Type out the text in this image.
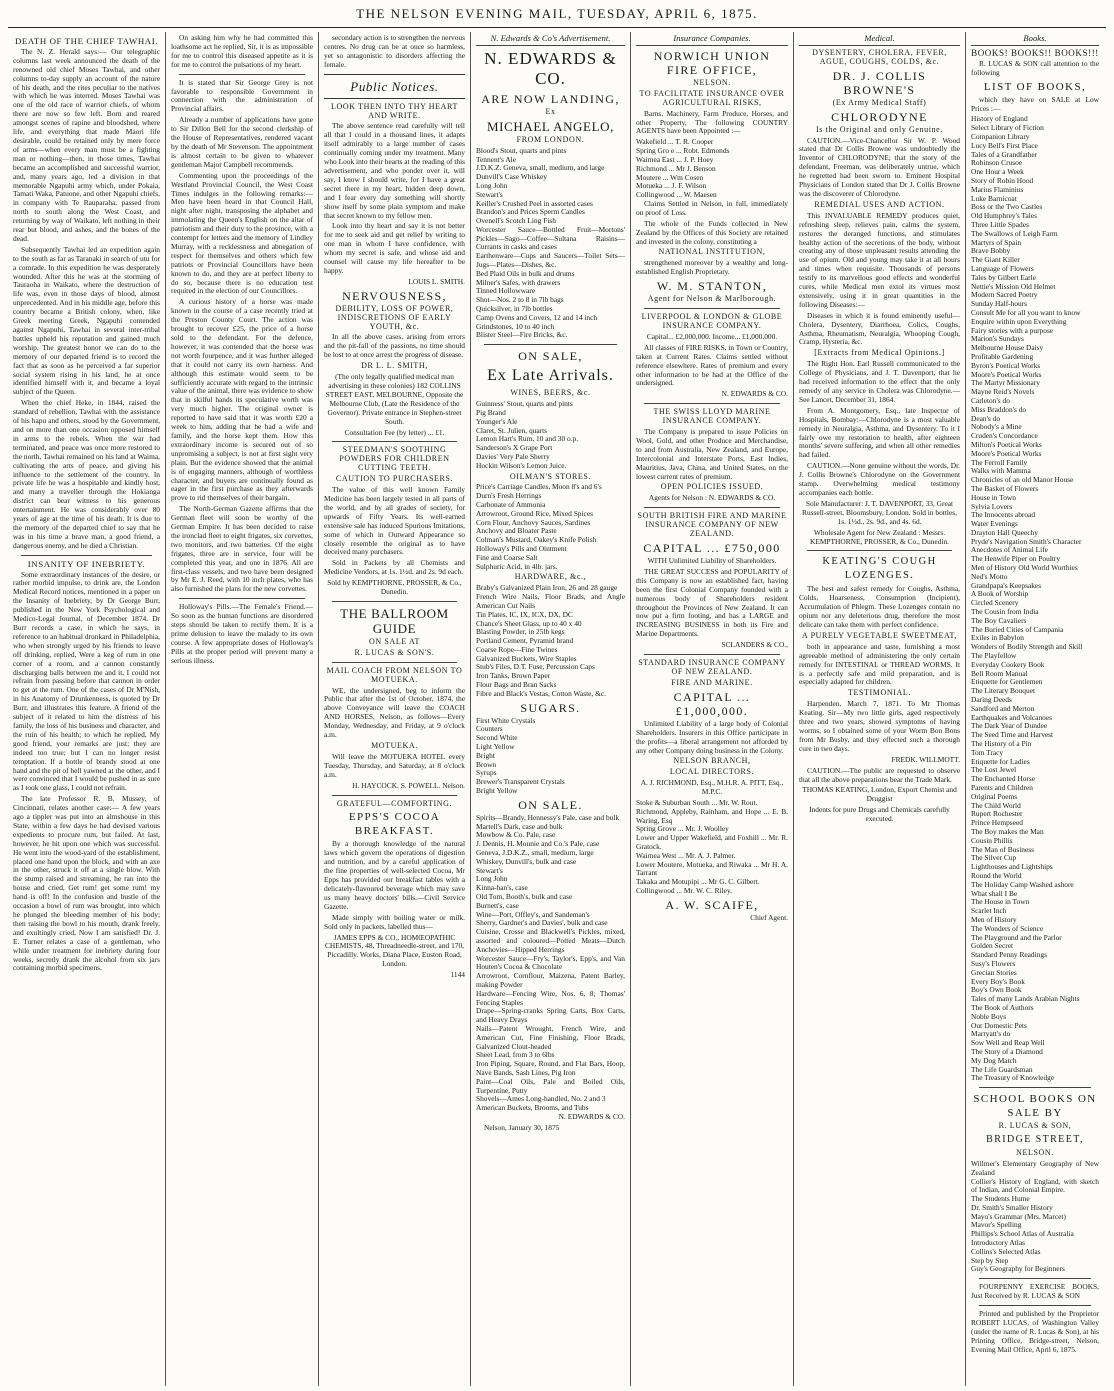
THE NELSON EVENING MAIL, TUESDAY, APRIL 6, 1875.
DEATH OF THE CHIEF TAWHAI.

The N. Z. Herald says:— Our telegraphic columns last week announced the death of the renowned old chief Moses Tawhai, and other columns to-day supply an account of the nature of his death, and the rites peculiar to the natives with which he was interred. Moses Tawhai was one of the old race of warrior chiefs, of whom there are now so few left. Born and reared amongst scenes of rapine and bloodshed, where life, and everything that made Maori life desirable, could be retained only by mere force of arms—when every man must be a fighting man or nothing—then, in those times, Tawhai became an accomplished and successful warrior, and, many years ago, led a division in that memorable Ngapuhi army which, under Pokaia, Tamati Waka, Patuone, and other Ngapuhi chiefs, in company with Te Rauparaha, passed from north to south along the West Coast, and returning by way of Waikato, left nothing in their rear but blood, and ashes, and the bones of the dead.

Subsequently Tawhai led an expedition again to the south as far as Taranaki in search of utu for a comrade. In this expedition he was desperately wounded. After this he was at the storming of Tauraoha in Waikato, where the destruction of life was, even in those days of blood, almost unprecedented. And in his middle age, before this country became a British colony, when, like Greek meeting Greek, Ngapuhi contended against Ngapuhi, Tawhai in several inter-tribal battles upheld his reputation and gained much worship. The greatest honor we can do to the memory of our departed friend is to record the fact that as soon as he perceived a far superior social system rising in his land, he at once identified himself with it, and became a loyal subject of the Queen.

When the chief Heke, in 1844, raised the standard of rebellion, Tawhai with the assistance of his hapu and others, stood by the Government, and on more than one occasion opposed himself in arms to the rebels. When the war had terminated, and peace was once more restored to the north, Tawhai remained on his land at Waima, cultivating the arts of peace, and giving his influence to the settlement of the country. In private life he was a hospitable and kindly host, and many a traveller through the Hokianga district can bear witness to his generous entertainment. He was considerably over 80 years of age at the time of his death. It is due to the memory of the departed chief to say that he was in his time a brave man, a good friend, a dangerous enemy, and he died a Christian.

INSANITY OF INEBRIETY.

Some extraordinary instances of the desire, or rather morbid impulse, to drink are, the London Medical Record notices, mentioned in a paper on the Insanity of Inebriety, by Dr George Burr, published in the New York Psychological and Medico-Legal Journal, of December 1874. Dr Burr records a case, in which he says, in reference to an habitual drunkard in Philadelphia, who when strongly urged by his friends to leave off drinking, replied, Were a keg of rum in one corner of a room, and a cannon constantly discharging balls between me and it, I could not refrain from passing before that cannon in order to get at the rum. One of the cases of Dr M'Nish, in his Anatomy of Drunkenness, is quoted by Dr Burr, and illustrates this feature. A friend of the subject of it related to him the distress of his family, the loss of his business and character, and the ruin of his health; to which he replied, My good friend, your remarks are just; they are indeed too true; but I can no longer resist temptation. If a bottle of brandy stood at one hand and the pit of hell yawned at the other, and I were convinced that I would be pushed in as sure as I took one glass, I could not refrain.

The late Professor R. B. Mussey, of Cincinnati, relates another case:— A few years ago a tippler was put into an almshouse in this State, within a few days he had devised various expedients to procure rum, but failed. At last, however, he hit upon one which was successful. He went into the wood-yard of the establishment, placed one hand upon the block, and with an axe in the other, struck it off at a single blow. With the stump raised and streaming, he ran into the house and cried, Get rum! get some rum! my hand is off! In the confusion and bustle of the occasion a bowl of rum was brought, into which he plunged the bleeding member of his body; then raising the bowl to his mouth, drank freely, and exultingly cried, Now I am satisfied! Dr. J. E. Turner relates a case of a gentleman, who while under treatment for inebriety during four weeks, secretly drank the alcohol from six jars containing morbid specimens.

On asking him why he had committed this loathsome act he replied, Sir, it is as impossible for me to control this diseased appetite as it is for me to control the pulsations of my heart.

It is stated that Sir George Grey is not favorable to responsible Government in connection with the administration of Provincial affairs.

Already a number of applications have gone to Sir Dillon Bell for the second clerkship of the House of Representatives, rendered vacant by the death of Mr Stevenson. The appointment is almost certain to be given to whatever gentleman Major Campbell recommends.

Commenting upon the proceedings of the Westland Provincial Council, the West Coast Times indulges in the following remarks:—Men have been heard in that Council Hall, night after night, transposing the alphabet and immolating the Queen's English on the altar of patriotism and their duty to the province, with a contempt for letters and the memory of Lindley Murray, with a recklessness and abnegation of respect for themselves and others which few patriots or Provincial Councillors have been known to do, and they are at perfect liberty to do so, because there is no education test required in the election of our Councillors.

A curious history of a horse was made known in the course of a case recently tried at the Preston County Court. The action was brought to recover £25, the price of a horse sold to the defendant. For the defence, however, it was contended that the horse was not worth fourpence, and it was further alleged that it could not carry its own harness. And although this estimate would seem to be sufficiently accurate with regard to the intrinsic value of the animal, there was evidence to show that in skilful hands its speculative worth was very much higher. The original owner is reported to have said that it was worth £20 a week to him, adding that he had a wife and family, and the horse kept them. How this extraordinary income is secured out of so unpromising a subject, is not at first sight very plain. But the evidence showed that the animal is of engaging manners, although of worthless character, and buyers are continually found as eager in the first purchase as they afterwards prove to rid themselves of their bargain.

The North-German Gazette affirms that the German fleet will soon be worthy of the German Empire. It has been decided to raise the ironclad fleet to eight frigates, six corvettes, two monitors, and two batteries. Of the eight frigates, three are in service, four will be completed this year, and one in 1876. All are first-class vessels, and two have been designed by Mr E. J. Reed, with 10 inch plates, who has also furnished the plans for the new corvettes.

Holloway's Pills.—The Female's Friend.—So soon as the human functions are disordered steps should be taken to rectify them. It is a prime delusion to leave the malady to its own course. A few appropriate doses of Holloway's Pills at the proper period will prevent many a serious illness.

secondary action is to strengthen the nervous centres. No drug can be at once so harmless, yet so antagonistic to disorders affecting the female.

Public Notices.
LOOK THEN INTO THY HEART AND WRITE.

The above sentence read carefully will tell all that I could in a thousand lines, it adapts itself admirably to a large number of cases continually coming under my treatment. Many who Look into their hearts at the reading of this advertisement, and who ponder over it, will say, I know I should write, for I have a great secret there in my heart, hidden deep down, and I fear every day something will shortly show itself by some plain symptom and make that secret known to my fellow men.

Look into thy heart and say it is not better for me to seek aid and get relief by writing to one man in whom I have confidence, with whom my secret is safe, and whose aid and counsel will cause my life hereafter to be happy.

LOUIS L. SMITH.

NERVOUSNESS,
DEBILITY, LOSS OF POWER, INDISCRETIONS OF EARLY YOUTH, &c.

In all the above cases, arising from errors and the pit-fall of the passions, no time should be lost to at once arrest the progress of disease.

DR L. L. SMITH,

(The only legally qualified medical man advertising in these colonies) 182 COLLINS STREET EAST, MELBOURNE, Opposite the Melbourne Club, (Late the Residence of the Governor). Private entrance in Stephen-street South.

Consultation Fee (by letter) ... £1.

STEEDMAN'S SOOTHING POWDERS FOR CHILDREN CUTTING TEETH.
CAUTION TO PURCHASERS.

The value of this well known Family Medicine has been largely tested in all parts of the world, and by all grades of society, for upwards of Fifty Years. Its well-earned extensive sale has induced Spurious Imitations, some of which in Outward Appearance so closely resemble the original as to have deceived many purchasers.

Sold in Packets by all Chemists and Medicine Vendors, at 1s. 1½d. and 2s. 9d each.

Sold by KEMPTHORNE, PROSSER, & Co., Dunedin.

THE BALLROOM GUIDE
ON SALE AT
R. LUCAS & SON'S.
MAIL COACH FROM NELSON TO MOTUEKA.

WE, the undersigned, beg to inform the Public that after the 1st of October, 1874, the above Conveyance will leave the COACH AND HORSES, Nelson, as follows—Every Monday, Wednesday, and Friday, at 9 o'clock a.m.

MOTUEKA.

Will leave the MOTUEKA HOTEL every Tuesday, Thursday, and Saturday, at 8 o'clock a.m.

H. HAYCOCK. S. POWELL. Nelson.

GRATEFUL—COMFORTING.
EPPS'S COCOA BREAKFAST.

By a thorough knowledge of the natural laws which govern the operations of digestion and nutrition, and by a careful application of the fine properties of well-selected Cocoa, Mr Epps has provided our breakfast tables with a delicately-flavoured beverage which may save us many heavy doctors' bills.—Civil Service Gazette.

Made simply with boiling water or milk. Sold only in packets, labelled thus—

JAMES EPPS & CO., HOMŒOPATHIC CHEMISTS, 48, Threadneedle-street, and 170, Piccadilly. Works, Diana Place, Euston Road, London.

1144

N. Edwards & Co's Advertisement.
N. EDWARDS & CO.
ARE NOW LANDING,
Ex
MICHAEL ANGELO,
FROM LONDON.
Blood's Stout, quarts and pints
Tennent's Ale
J.D.K.Z. Geneva, small, medium, and large
Dunvill's Case Whiskey
Long John
Stewart's
Keiller's Crushed Peel in assorted cases
Brandon's and Prices Sperm Candles
Ovenell's Scotch Ling Fish
Worcester Sauce—Bottled Fruit—Mortons' Pickles—Sago—Coffee—Sultana Raisins—Currants in casks and cases
Earthenware—Cups and Saucers—Toilet Sets—Jugs—Plates—Dishes, &c.
Bed Plaid Oils in bulk and drums
Milner's Safes, with drawers
Tinned Hollowware
Shot—Nos. 2 to 8 in 7lb bags
Quicksilver, in 7lb bottles
Camp Ovens and Covers, 12 and 14 inch
Grindstones, 10 to 40 inch
Blister Steel—Fire Bricks, &c.
ON SALE,
Ex Late Arrivals.
WINES, BEERS, &c.
Guinness' Stout, quarts and pints
Pig Brand
Younger's Ale
Claret, St. Julien, quarts
Lemon Hart's Rum, 10 and 30 o.p.
Sanderson's X Grape Port
Davies' Very Pale Sherry
Hockin Wilson's Lemon Juice.
OILMAN'S STORES.
Price's Carriage Candles, Moon 8's and 6's
Durn's Fresh Herrings
Carbonate of Ammonia
Arrowroot, Ground Rice, Mixed Spices
Corn Flour, Anchovy Sauces, Sardines
Anchovy and Bloater Paste
Colman's Mustard, Oakey's Knife Polish
Holloway's Pills and Ointment
Fine and Coarse Salt
Sulphuric Acid, in 4lb. jars.
HARDWARE, &c.,
Braby's Galvanized Plain Iron, 26 and 28 gauge
French Wire Nails, Floor Brads, and Angle American Cut Nails
Tin Plates, IC, IX, ICX, DX, DC
Chance's Sheet Glass, up to 40 x 40
Blasting Powder, in 25lb kegs
Portland Cement, Pyramid brand
Coarse Rope—Fine Twines
Galvanized Buckets, Wire Staples
Stub's Files, D.T. Fuse, Percussion Caps
Iron Tanks, Brown Paper
Flour Bags and Bran Sacks
Fibre and Black's Vestas, Cotton Waste, &c.
SUGARS.
First White Crystals
Counters
Second White
Light Yellow
Bright
Brown
Syrups
Brewer's Transparent Crystals
Bright Yellow
ON SALE.
Spirits—Brandy, Hennessy's Pale, case and bulk
Martell's Dark, case and bulk
Mowbow & Co. Pale, case
J. Dennis, H. Mounie and Co.'s Pale, case
Geneva, J.D.K.Z., small, medium, large
Whiskey, Dunvill's, bulk and case
Stewart's
Long John
Kinna-han's, case
Old Tom, Booth's, bulk and case
Burnett's, case
Wine—Port, Offley's, and Sandeman's
Sherry, Gardner's and Davies', bulk and case
Cuisine, Crosse and Blackwell's Pickles, mixed, assorted and coloured—Potted Meats—Dutch Anchovies—Hipped Herrings
Worcester Sauce—Fry's, Taylor's, Epp's, and Van Houten's Cocoa & Chocolate
Arrowroot, Cornflour, Maizena, Patent Barley, making Powder
Hardware—Fencing Wire, Nos. 6, 8; Thomas' Fencing Staples
Drape—Spring-cranks Spring Carts, Box Carts, and Heavy Drays
Nails—Patent Wrought, French Wire, and American Cut, Fine Finishing, Floor Brads, Galvanized Clout-headed
Sheet Lead, from 3 to 6lbs
Iron Piping, Square, Round, and Flat Bars, Hoop, Nave Bands, Sash Lines, Pig Iron
Paint—Coal Oils, Pale and Boiled Oils, Turpentine, Putty
Shovels—Ames Long-handled, No. 2 and 3
American Buckets, Brooms, and Tubs

N. EDWARDS & CO.

Nelson, January 30, 1875

Insurance Companies.
NORWICH UNION FIRE OFFICE,
NELSON.
TO FACILITATE INSURANCE OVER AGRICULTURAL RISKS,

Barns, Machinery, Farm Produce, Horses, and other Property, The following COUNTRY AGENTS have been Appointed :—

Wakefield ... T. R. Cooper
Spring Gro e ... Robt. Edmonds
Waimea East ... J. P. Hoey
Richmond ... Mr J. Benson
Moutere ... Wm Cosen
Motueka ... J. F. Wilson
Collingwood ... W. Maesen

Claims Settled in Nelson, in full, immediately on proof of Loss.

The whole of the Funds collected in New Zealand by the Offices of this Society are retained and invested in the colony, constituting a

NATIONAL INSTITUTION,

strengthened moreover by a wealthy and long-established English Proprietary.

W. M. STANTON,
Agent for Nelson & Marlborough.
LIVERPOOL & LONDON & GLOBE INSURANCE COMPANY.

Capital... £2,000,000. Income... £1,000,000.

All classes of FIRE RISKS, in Town or Country, taken at Current Rates. Claims settled without reference elsewhere. Rates of premium and every other information to be had at the Office of the undersigned.

N. EDWARDS & CO.

THE SWISS LLOYD MARINE INSURANCE COMPANY.

The Company is prepared to issue Policies on Wool, Gold, and other Produce and Merchandise, to and from Australia, New Zealand, and Europe, Intercolonial and Interstate Ports, East Indies, Mauritius, Java, China, and United States, on the lowest current rates of premium.

OPEN POLICIES ISSUED.

Agents for Nelson : N. EDWARDS & CO.

SOUTH BRITISH FIRE AND MARINE INSURANCE COMPANY OF NEW ZEALAND.
CAPITAL ... £750,000

WITH Unlimited Liability of Shareholders.

THE GREAT SUCCESS and POPULARITY of this Company is now an established fact, having been the first Colonial Company founded with a numerous body of Shareholders resident throughout the Provinces of New Zealand. It can now put a firm footing, and has a LARGE and INCREASING BUSINESS in both its Fire and Marine Departments.

SCLANDERS & CO.,

STANDARD INSURANCE COMPANY OF NEW ZEALAND.
FIRE AND MARINE.
CAPITAL ... £1,000,000.

Unlimited Liability of a large body of Colonial Shareholders. Insurers in this Office participate in the profits—a liberal arrangement not afforded by any other Company doing business in the Colony.

NELSON BRANCH,
LOCAL DIRECTORS.

A. J. RICHMOND, Esq., M.H.R. A. PITT, Esq., M.P.C.

Stoke & Suburban South ... Mr. W. Rout.
Richmond, Appleby, Rainham, and Hope ... E. B. Waring, Esq
Spring Grove ... Mr. J. Woolley
Lower and Upper Wakefield, and Foxhill ... Mr. R. Gratock.
Waimea West ... Mr. A. J. Palmer.
Lower Moutere, Motueka, and Riwaka ... Mr H. A. Tarrant
Takaka and Motupipi ... Mr G. C. Gilbert.
Collingwood ... Mr. W. C. Riley.
A. W. SCAIFE,

Chief Agent.

Medical.
DYSENTERY, CHOLERA, FEVER, AGUE, COUGHS, COLDS, &c.
DR. J. COLLIS BROWNE'S
(Ex Army Medical Staff)
CHLORODYNE
Is the Original and only Genuine.

CAUTION.—Vice-Chancellor Sir W. P. Wood stated that Dr Collis Browne was undoubtedly the Inventor of CHLORODYNE; that the story of the defendant, Freeman, was deliberately untrue, which he regretted had been sworn to. Eminent Hospital Physicians of London stated that Dr J. Collis Browne was the discoverer of Chlorodyne.

REMEDIAL USES AND ACTION.

This INVALUABLE REMEDY produces quiet, refreshing sleep, relieves pain, calms the system, restores the deranged functions, and stimulates healthy action of the secretions of the body, without creating any of those unpleasant results attending the use of opium. Old and young may take it at all hours and times when requisite. Thousands of persons testify to its marvellous good effects and wonderful cures, while Medical men extol its virtues most extensively, using it in great quantities in the following Diseases:—

Diseases in which it is found eminently useful—Cholera, Dysentery, Diarrhoea, Colics, Coughs, Asthma, Rheumatism, Neuralgia, Whooping Cough, Cramp, Hysteria, &c.

[Extracts from Medical Opinions.]

The Right Hon. Earl Russell communicated to the College of Physicians, and J. T. Davenport, that he had received information to the effect that the only remedy of any service in Cholera was Chlorodyne.—See Lancet, December 31, 1864.

From A. Montgomery, Esq., late Inspector of Hospitals, Bombay:—Chlorodyne is a most valuable remedy in Neuralgia, Asthma, and Dysentery. To it I fairly owe my restoration to health, after eighteen months' severe suffering, and when all other remedies had failed.

CAUTION.—None genuine without the words, Dr. J. Collis Browne's Chlorodyne on the Government stamp. Overwhelming medical testimony accompanies each bottle.

Sole Manufacturer: J. T. DAVENPORT, 33, Great Russell-street, Bloomsbury, London. Sold in bottles, 1s. 1½d., 2s. 9d., and 4s. 6d.

Wholesale Agent for New Zealand : Messrs. KEMPTHORNE, PROSSER, & Co., Dunedin.

KEATING'S COUGH LOZENGES.

The best and safest remedy for Coughs, Asthma, Colds, Hoarseness, Consumption (Incipient), Accumulation of Phlegm. These Lozenges contain no opium nor any deleterious drug, therefore the most delicate can take them with perfect confidence.

A PURELY VEGETABLE SWEETMEAT,

both in appearance and taste, furnishing a most agreeable method of administering the only certain remedy for INTESTINAL or THREAD WORMS. It is a perfectly safe and mild preparation, and is especially adapted for children.

TESTIMONIAL.

Harpenden, March 7, 1871. To Mr Thomas Keating. Sir—My two little girls, aged respectively three and two years, showed symptoms of having worms, so I obtained some of your Worm Bon Bons from Mr Busby, and they effected such a thorough cure in two days.

FREDK. WILLMOTT.

CAUTION.—The public are requested to observe that all the above preparations bear the Trade Mark.

THOMAS KEATING, London, Export Chemist and Druggist

Indents for pure Drugs and Chemicals carefully executed.

Books.
BOOKS! BOOKS!! BOOKS!!!

R. LUCAS & SON call attention to the following

LIST OF BOOKS,

which they have on SALE at Low Prices :—

History of England
Select Library of Fiction
Companion Library
Lucy Bell's First Place
Tales of a Grandfather
Robinson Crusoe
One Hour a Week
Story of Robin Hood
Marius Flaminius
Luke Barnicoat
Boss or the Two Castles
Old Humphrey's Tales
Three Little Spades
The Swallows of Leigh Farm
Martyrs of Spain
Brave Bobby
The Giant Killer
Language of Flowers
Tales by Gilbert Earle
Nettie's Mission Old Helmet
Modern Sacred Poetry
Sunday Half-hours
Consult Me for all you want to know
Enquire within upon Everything
Fairy stories with a purpose
Marion's Sundays
Melbourne House Daisy
Profitable Gardening
Byron's Poetical Works
Moore's Poetical Works
The Martyr Missionary
Mayne Reid's Novels
Carleton's do
Miss Braddon's do
Dean's do
Nobody's a Mine
Cruden's Concordance
Milton's Poetical Works
Moore's Poetical Works
The Ferroll Family
Walks with Mamma
Chronicles of an old Manor House
The Basket of Flowers
House in Town
Sylvia Lovers
The Innocents abroad
Water Evenings
Drayton Hall Queechy
Pryde's Navigation Smith's Character
Anecdotes of Animal Life
The Henwife Piper on Poultry
Men of History Old World Worthies
Ned's Motto
Grandpapa's Keepsakes
A Book of Worship
Circled Scenery
The Cousin from India
The Boy Cavaliers
The Buried Cities of Campania
Exiles in Babylon
Wonders of Bodily Strength and Skill
The Playfellow
Everyday Cookery Book
Bell Room Manual
Etiquette for Gentlemen
The Literary Bouquet
Daring Deeds
Sandford and Merton
Earthquakes and Volcanoes
The Dark Year of Dundee
The Seed Time and Harvest
The History of a Pin
Tom Tracy
Etiquette for Ladies
The Lost Jewel
The Enchanted Horse
Parents and Children
Original Poems
The Child World
Rupert Rochester
Prince Hempseed
The Boy makes the Man
Cousin Phillis
The Man of Business
The Silver Cup
Lighthouses and Lightships
Round the World
The Holiday Camp Washed ashore
What shall I Be
The House in Town
Scarlet Inch
Men of History
The Wonders of Science
The Playground and the Parlor
Golden Secret
Standard Penny Readings
Susy's Flowers
Grecian Stories
Every Boy's Book
Boy's Own Book
Tales of many Lands Arabian Nights
The Book of Authors
Noble Boys
Our Domestic Pets
Marryatt's do
Sow Well and Reap Well
The Story of a Diamond
My Dog Match
The Life Guardsman
The Treasury of Knowledge
SCHOOL BOOKS ON SALE BY
R. LUCAS & SON,
BRIDGE STREET,
NELSON.
Willmer's Elementary Geography of New Zealand
Collier's History of England, with sketch of Indian, and Colonial Empire.
The Students Hume
Dr. Smith's Smaller History
Mayo's Grammar (Mrs. Marcet)
Mavor's Spelling
Phillips's School Atlas of Australia
Introductory Atlas
Collins's Selected Atlas
Step by Step
Guy's Geography for Beginners

FOURPENNY EXERCISE BOOKS, Just Received by R. LUCAS & SON

Printed and published by the Proprietor ROBERT LUCAS, of Washington Valley (under the name of R. Lucas & Son), at his Printing Office, Bridge-street, Nelson, Evening Mail Office, April 6, 1875.
